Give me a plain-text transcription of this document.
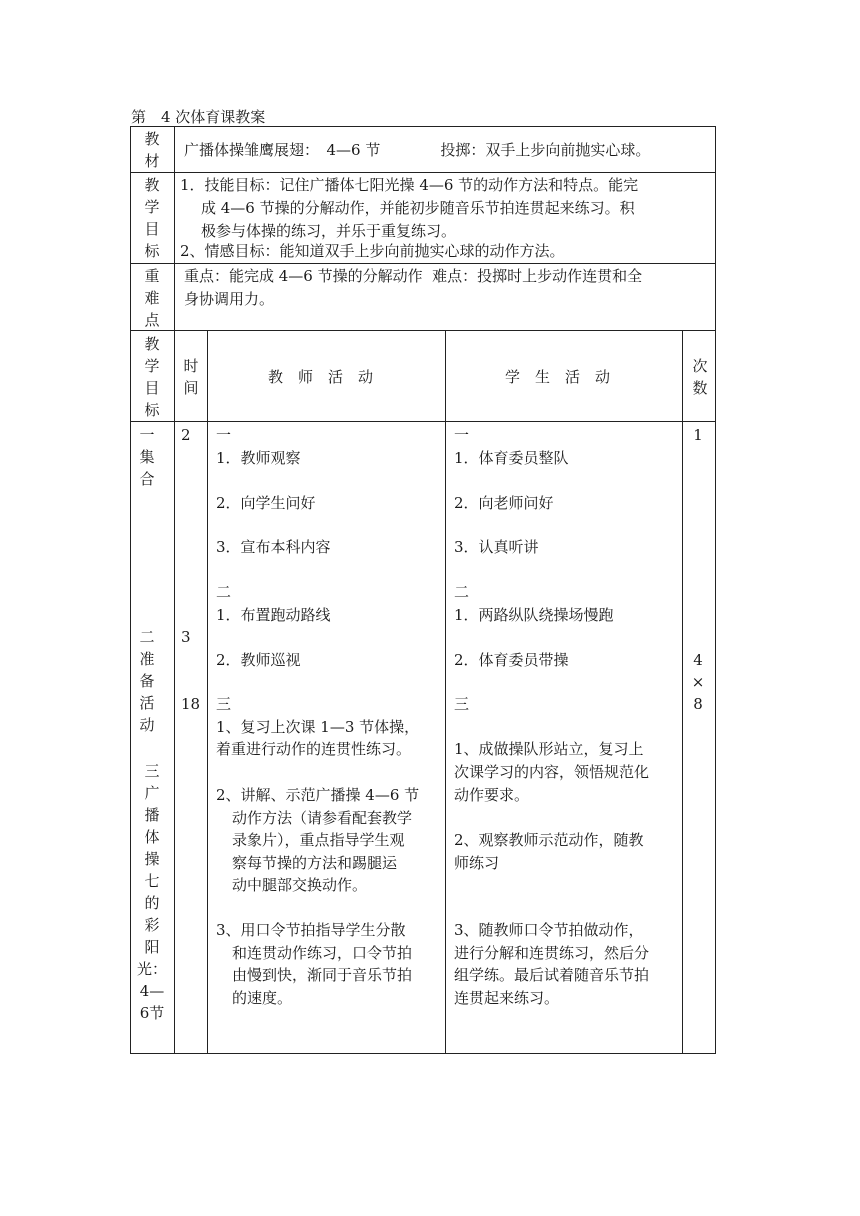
第　4 次体育课教案
教
材
广播体操雏鹰展翅：　4—6 节　　　　投掷：双手上步向前抛实心球。
教
学
目
标
1．技能目标：记住广播体七阳光操 4—6 节的动作方法和特点。能完
成 4—6 节操的分解动作，并能初步随音乐节拍连贯起来练习。积
极参与体操的练习，并乐于重复练习。
2、情感目标：能知道双手上步向前抛实心球的动作方法。
重
难
点
重点：能完成 4—6 节操的分解动作  难点：投掷时上步动作连贯和全
身协调用力。
教
学
目
标
时
间
教　师　活　动	学　生　活　动
次
数
一
集
合
二
准
备
活
动
三
广
播
体
操
七
的
彩
阳
光：
4—
6节
2
3
18
1
4
×
8
一
1．教师观察
2．向学生问好
3．宣布本科内容
二
1．布置跑动路线
2．教师巡视
三
1、复习上次课 1—3 节体操，
着重进行动作的连贯性练习。
2、讲解、示范广播操 4—6 节
动作方法（请参看配套教学
录象片），重点指导学生观
察每节操的方法和踢腿运
动中腿部交换动作。
3、用口令节拍指导学生分散
和连贯动作练习，口令节拍
由慢到快，渐同于音乐节拍
的速度。
一
1．体育委员整队
2．向老师问好
3．认真听讲
二
1．两路纵队绕操场慢跑
2．体育委员带操
三
1、成做操队形站立，复习上
次课学习的内容，领悟规范化
动作要求。
2、观察教师示范动作，随教
师练习
3、随教师口令节拍做动作，
进行分解和连贯练习，然后分
组学练。最后试着随音乐节拍
连贯起来练习。
